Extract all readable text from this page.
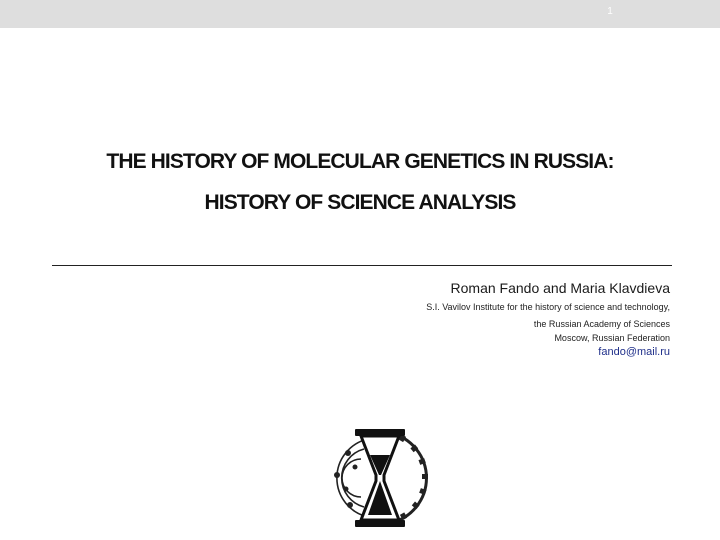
1
THE HISTORY OF MOLECULAR GENETICS IN RUSSIA:
HISTORY OF SCIENCE ANALYSIS
Roman Fando and Maria Klavdieva
S.I. Vavilov Institute for the history of science and technology,
the Russian Academy of Sciences
Moscow, Russian Federation
fando@mail.ru
